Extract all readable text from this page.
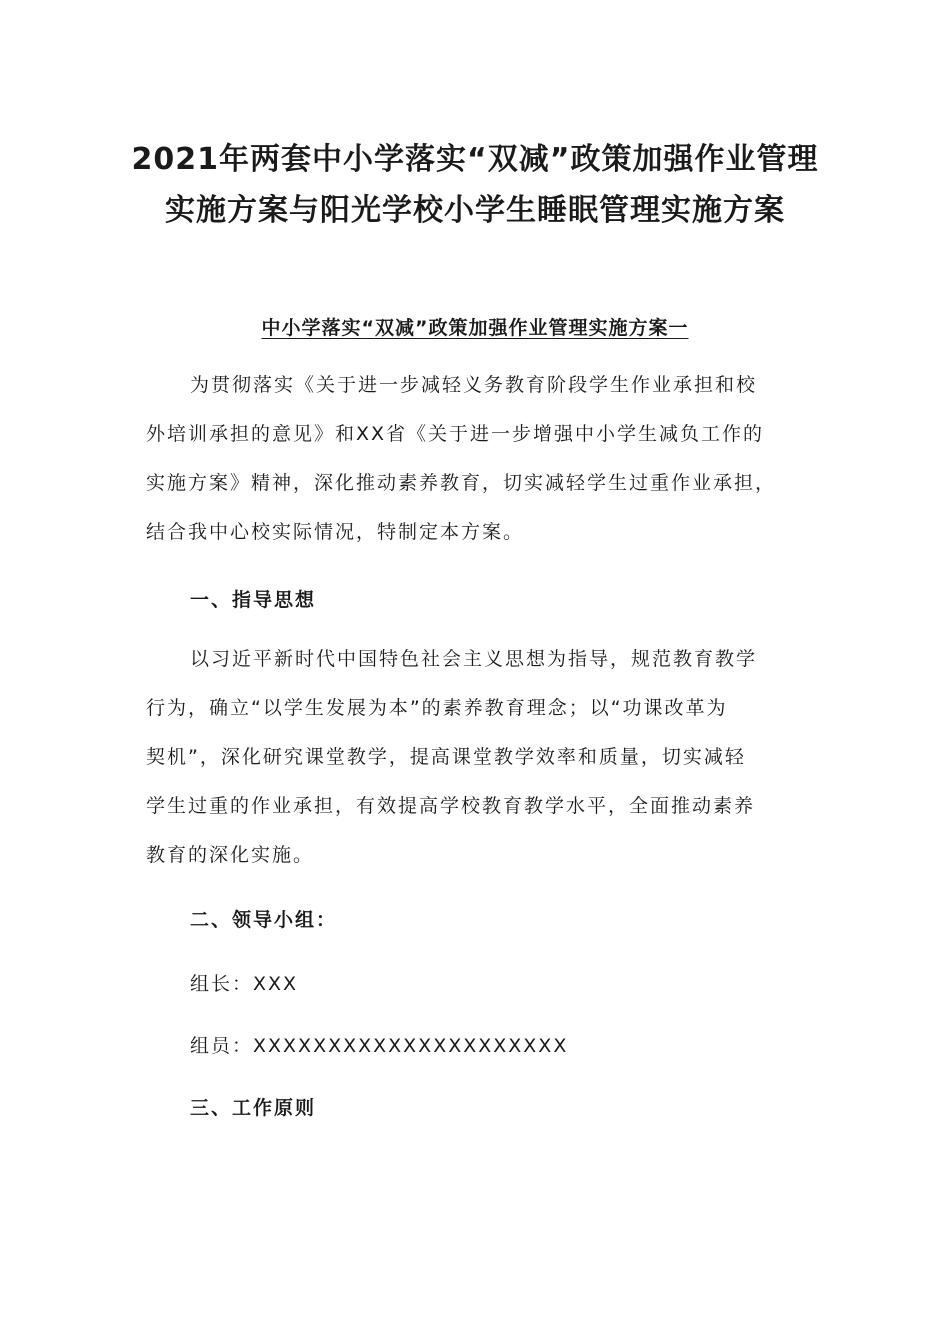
2021年两套中小学落实“双减”政策加强作业管理
实施方案与阳光学校小学生睡眠管理实施方案
中小学落实“双减”政策加强作业管理实施方案一
为贯彻落实《关于进一步减轻义务教育阶段学生作业承担和校
外培训承担的意见》和XX省《关于进一步增强中小学生减负工作的
实施方案》精神，深化推动素养教育，切实减轻学生过重作业承担，
结合我中心校实际情况，特制定本方案。
一、指导思想
以习近平新时代中国特色社会主义思想为指导，规范教育教学
行为，确立“以学生发展为本”的素养教育理念；以“功课改革为
契机”，深化研究课堂教学，提高课堂教学效率和质量，切实减轻
学生过重的作业承担，有效提高学校教育教学水平，全面推动素养
教育的深化实施。
二、领导小组：
组长：XXX
组员：XXXXXXXXXXXXXXXXXXXXX
三、工作原则
